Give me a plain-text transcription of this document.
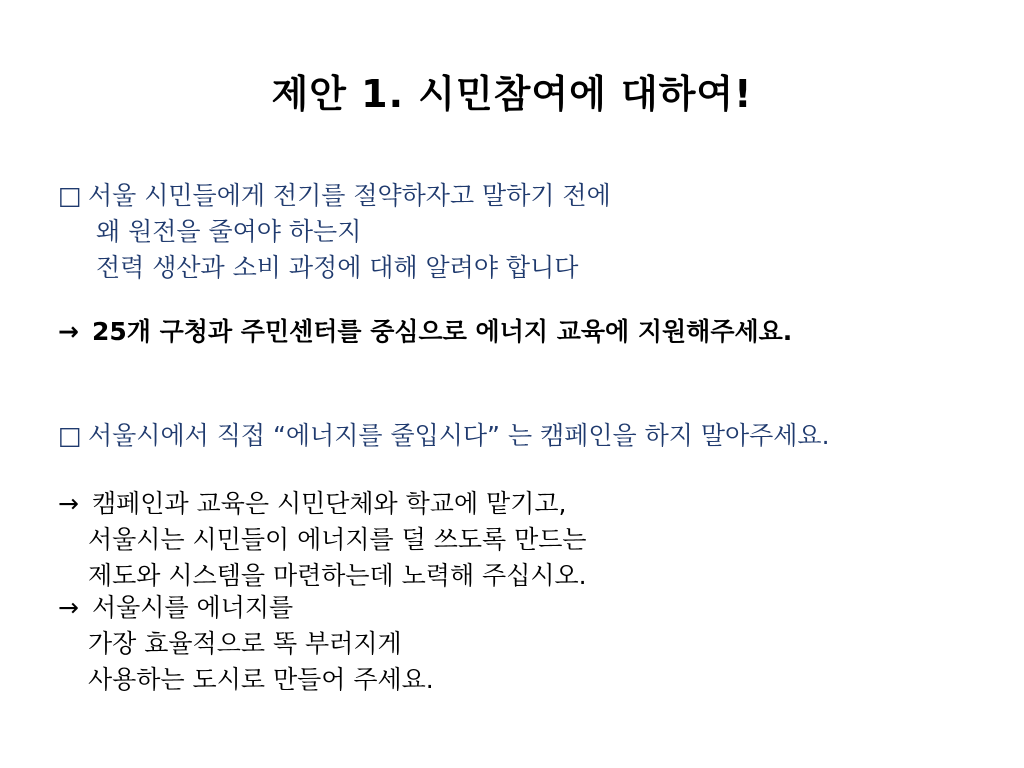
제안 1. 시민참여에 대하여!
□ 서울 시민들에게 전기를 절약하자고 말하기 전에
왜 원전을 줄여야 하는지
전력 생산과 소비 과정에 대해 알려야 합니다
→ 25개 구청과 주민센터를 중심으로 에너지 교육에 지원해주세요.
□ 서울시에서 직접 “에너지를 줄입시다” 는 캠페인을 하지 말아주세요.
→ 캠페인과 교육은 시민단체와 학교에 맡기고,
서울시는 시민들이 에너지를 덜 쓰도록 만드는
제도와 시스템을 마련하는데 노력해 주십시오.
→ 서울시를 에너지를
가장 효율적으로 똑 부러지게
사용하는 도시로 만들어 주세요.
